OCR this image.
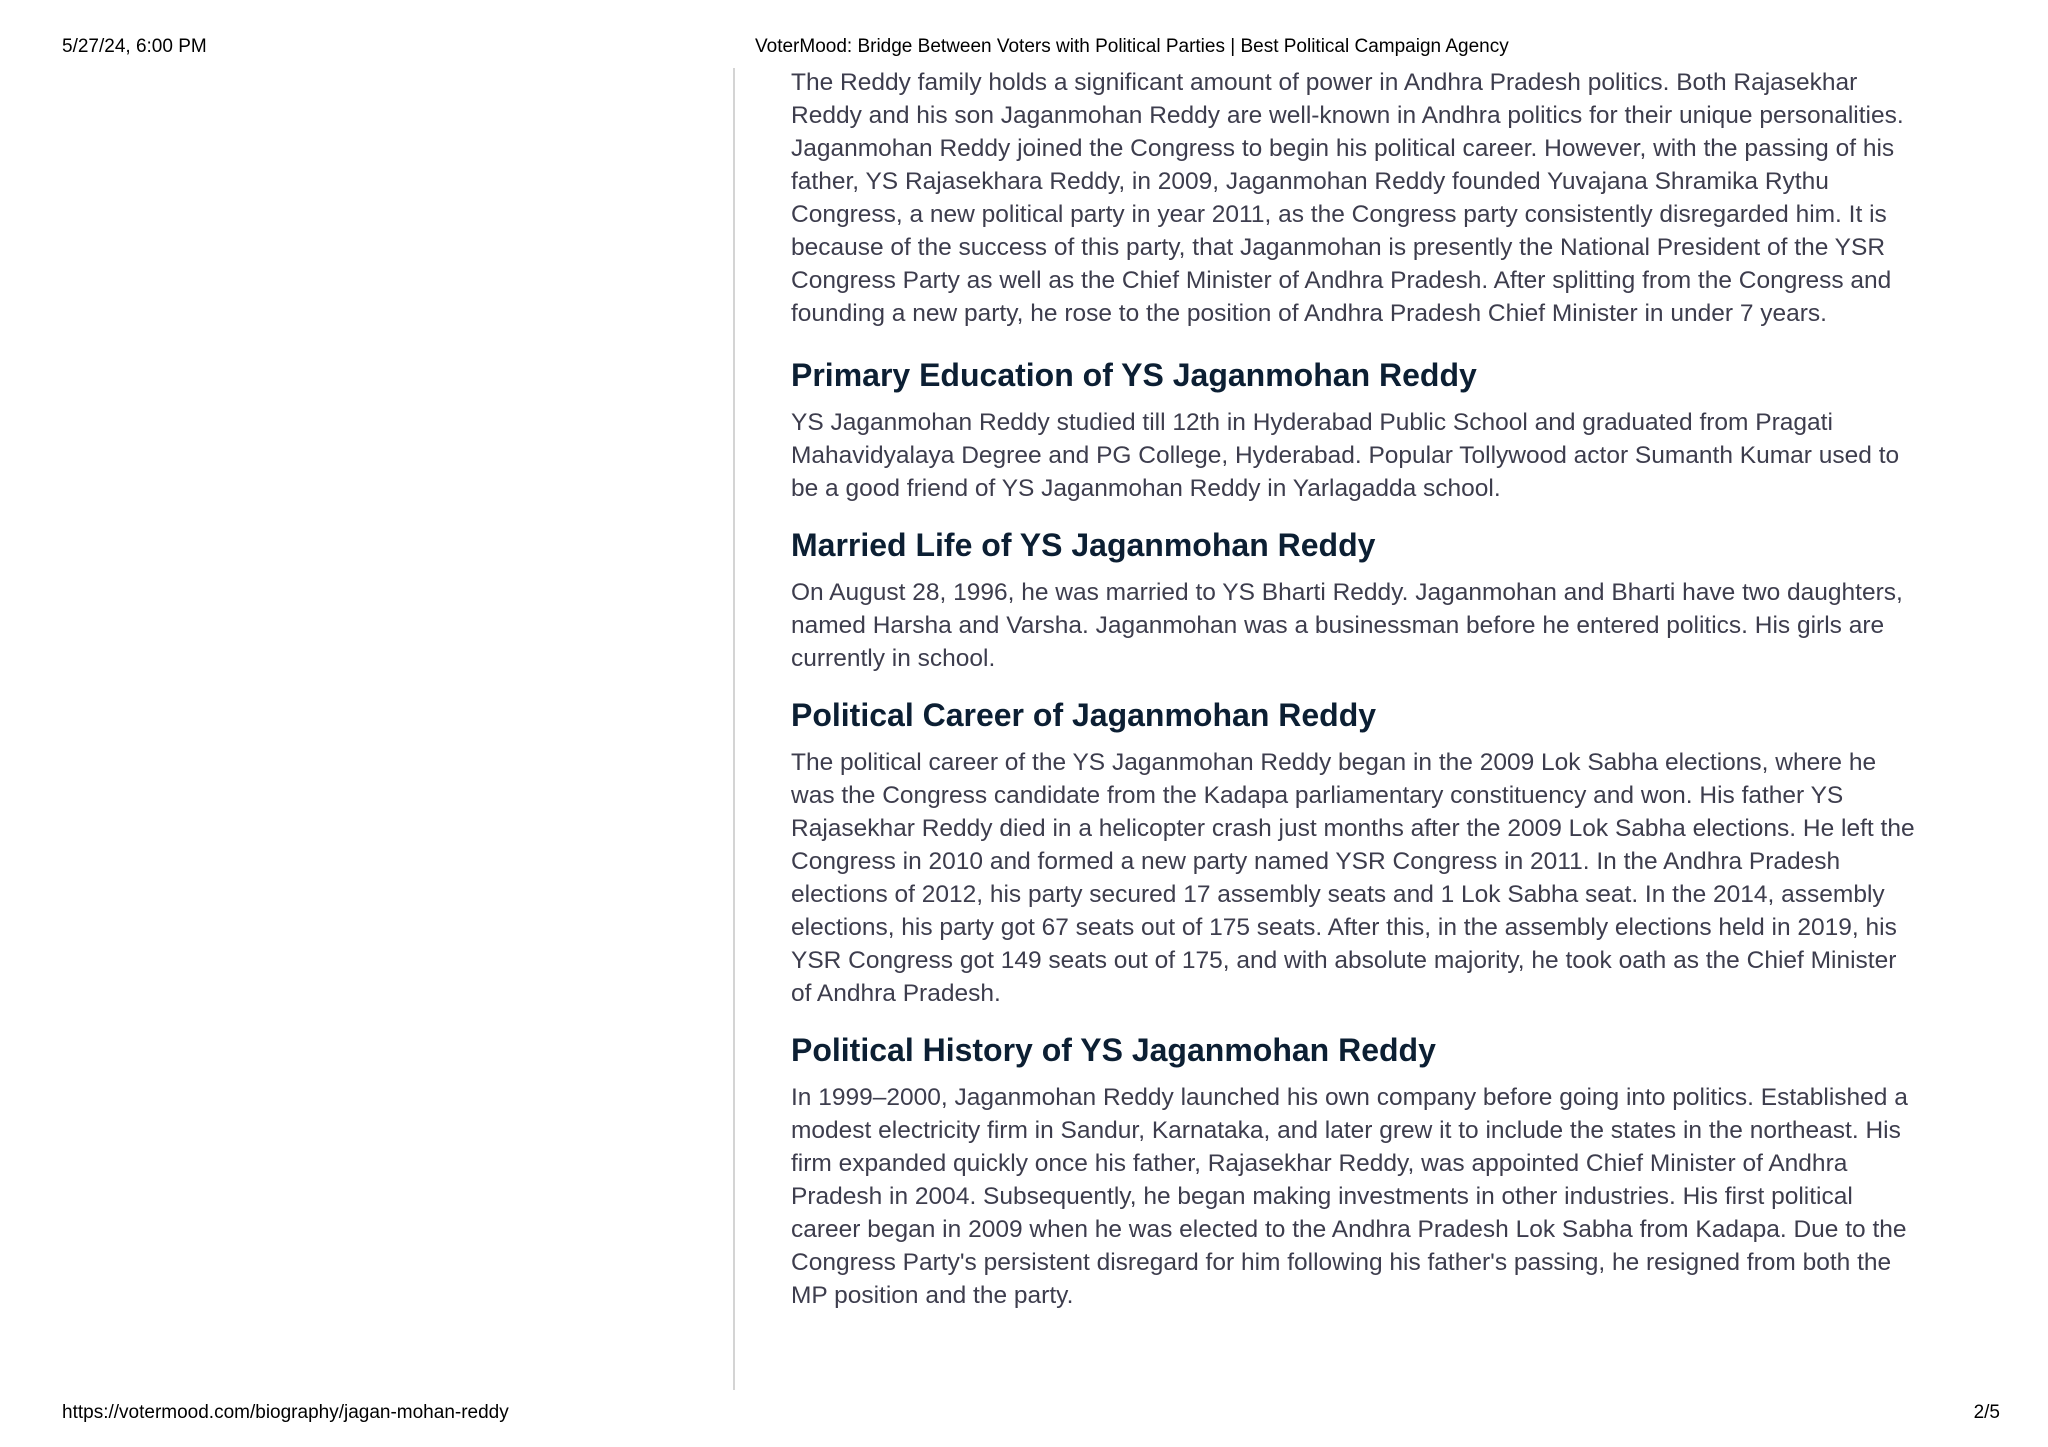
5/27/24, 6:00 PM	VoterMood: Bridge Between Voters with Political Parties | Best Political Campaign Agency

The Reddy family holds a significant amount of power in Andhra Pradesh politics. Both Rajasekhar Reddy and his son Jaganmohan Reddy are well-known in Andhra politics for their unique personalities. Jaganmohan Reddy joined the Congress to begin his political career. However, with the passing of his father, YS Rajasekhara Reddy, in 2009, Jaganmohan Reddy founded Yuvajana Shramika Rythu Congress, a new political party in year 2011, as the Congress party consistently disregarded him. It is because of the success of this party, that Jaganmohan is presently the National President of the YSR Congress Party as well as the Chief Minister of Andhra Pradesh. After splitting from the Congress and founding a new party, he rose to the position of Andhra Pradesh Chief Minister in under 7 years.

Primary Education of YS Jaganmohan Reddy

YS Jaganmohan Reddy studied till 12th in Hyderabad Public School and graduated from Pragati Mahavidyalaya Degree and PG College, Hyderabad. Popular Tollywood actor Sumanth Kumar used to be a good friend of YS Jaganmohan Reddy in Yarlagadda school.

Married Life of YS Jaganmohan Reddy

On August 28, 1996, he was married to YS Bharti Reddy. Jaganmohan and Bharti have two daughters, named Harsha and Varsha. Jaganmohan was a businessman before he entered politics. His girls are currently in school.

Political Career of Jaganmohan Reddy

The political career of the YS Jaganmohan Reddy began in the 2009 Lok Sabha elections, where he was the Congress candidate from the Kadapa parliamentary constituency and won. His father YS Rajasekhar Reddy died in a helicopter crash just months after the 2009 Lok Sabha elections. He left the Congress in 2010 and formed a new party named YSR Congress in 2011. In the Andhra Pradesh elections of 2012, his party secured 17 assembly seats and 1 Lok Sabha seat. In the 2014, assembly elections, his party got 67 seats out of 175 seats. After this, in the assembly elections held in 2019, his YSR Congress got 149 seats out of 175, and with absolute majority, he took oath as the Chief Minister of Andhra Pradesh.

Political History of YS Jaganmohan Reddy

In 1999–2000, Jaganmohan Reddy launched his own company before going into politics. Established a modest electricity firm in Sandur, Karnataka, and later grew it to include the states in the northeast. His firm expanded quickly once his father, Rajasekhar Reddy, was appointed Chief Minister of Andhra Pradesh in 2004. Subsequently, he began making investments in other industries. His first political career began in 2009 when he was elected to the Andhra Pradesh Lok Sabha from Kadapa. Due to the Congress Party's persistent disregard for him following his father's passing, he resigned from both the MP position and the party.

https://votermood.com/biography/jagan-mohan-reddy	2/5
